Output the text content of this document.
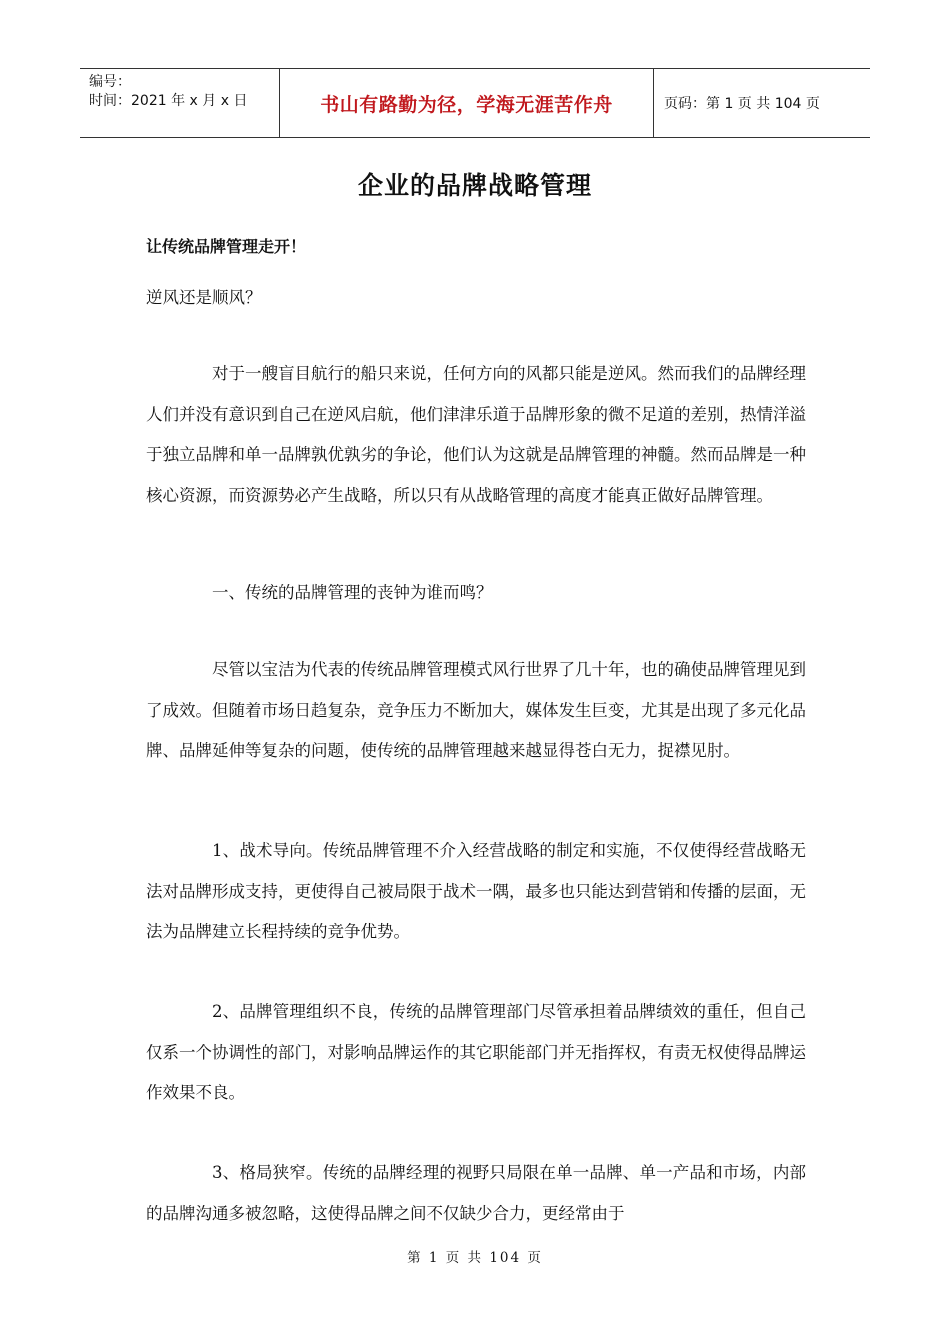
编号：
时间：2021 年 x 月 x 日	书山有路勤为径，学海无涯苦作舟	页码：第 1 页 共 104 页
企业的品牌战略管理
让传统品牌管理走开！
逆风还是顺风？

对于一艘盲目航行的船只来说，任何方向的风都只能是逆风。然而我们的品牌经理人们并没有意识到自己在逆风启航，他们津津乐道于品牌形象的微不足道的差别，热情洋溢于独立品牌和单一品牌孰优孰劣的争论，他们认为这就是品牌管理的神髓。然而品牌是一种核心资源，而资源势必产生战略，所以只有从战略管理的高度才能真正做好品牌管理。

一、传统的品牌管理的丧钟为谁而鸣？

尽管以宝洁为代表的传统品牌管理模式风行世界了几十年，也的确使品牌管理见到了成效。但随着市场日趋复杂，竞争压力不断加大，媒体发生巨变，尤其是出现了多元化品牌、品牌延伸等复杂的问题，使传统的品牌管理越来越显得苍白无力，捉襟见肘。

1、战术导向。传统品牌管理不介入经营战略的制定和实施，不仅使得经营战略无法对品牌形成支持，更使得自己被局限于战术一隅，最多也只能达到营销和传播的层面，无法为品牌建立长程持续的竞争优势。

2、品牌管理组织不良，传统的品牌管理部门尽管承担着品牌绩效的重任，但自己仅系一个协调性的部门，对影响品牌运作的其它职能部门并无指挥权，有责无权使得品牌运作效果不良。

3、格局狭窄。传统的品牌经理的视野只局限在单一品牌、单一产品和市场，内部的品牌沟通多被忽略，这使得品牌之间不仅缺少合力，更经常由于

第 1 页 共 104 页
